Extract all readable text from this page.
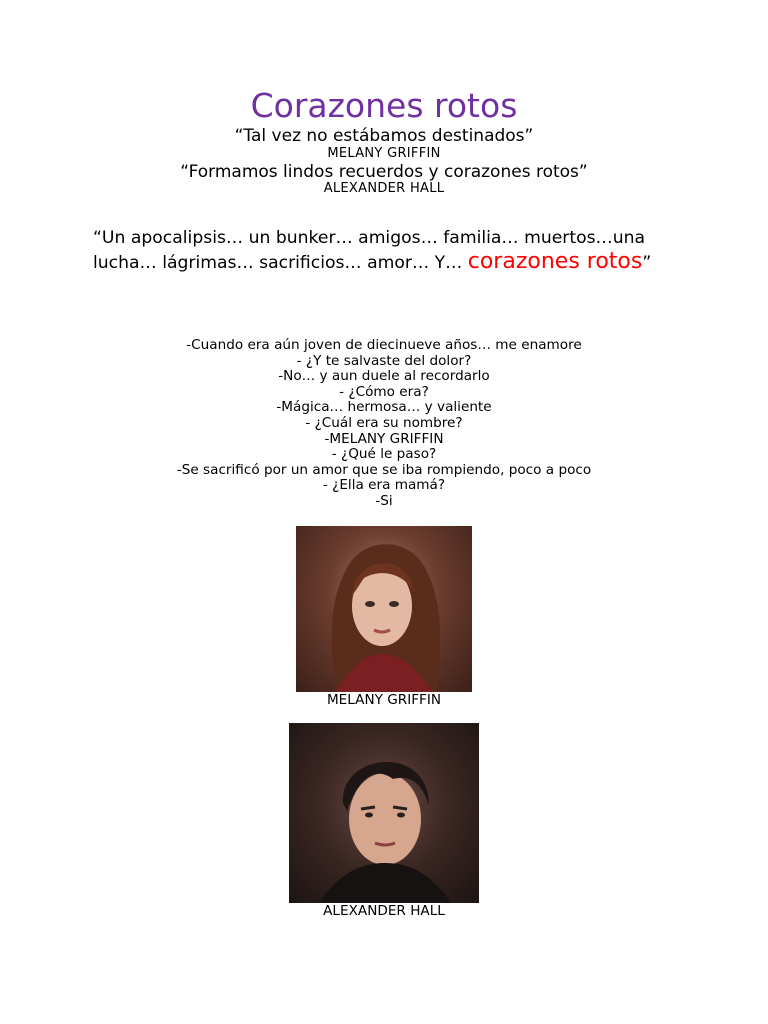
Corazones rotos
“Tal vez no estábamos destinados”
MELANY GRIFFIN
“Formamos lindos recuerdos y corazones rotos”
ALEXANDER HALL
“Un apocalipsis… un bunker… amigos… familia… muertos…una lucha… lágrimas… sacrificios… amor… Y… corazones rotos”
-Cuando era aún joven de diecinueve años… me enamore
- ¿Y te salvaste del dolor?
-No… y aun duele al recordarlo
- ¿Cómo era?
-Mágica… hermosa… y valiente
- ¿Cuál era su nombre?
-MELANY GRIFFIN
- ¿Qué le paso?
-Se sacrificó por un amor que se iba rompiendo, poco a poco
- ¿Ella era mamá?
-Si
MELANY GRIFFIN
ALEXANDER HALL
